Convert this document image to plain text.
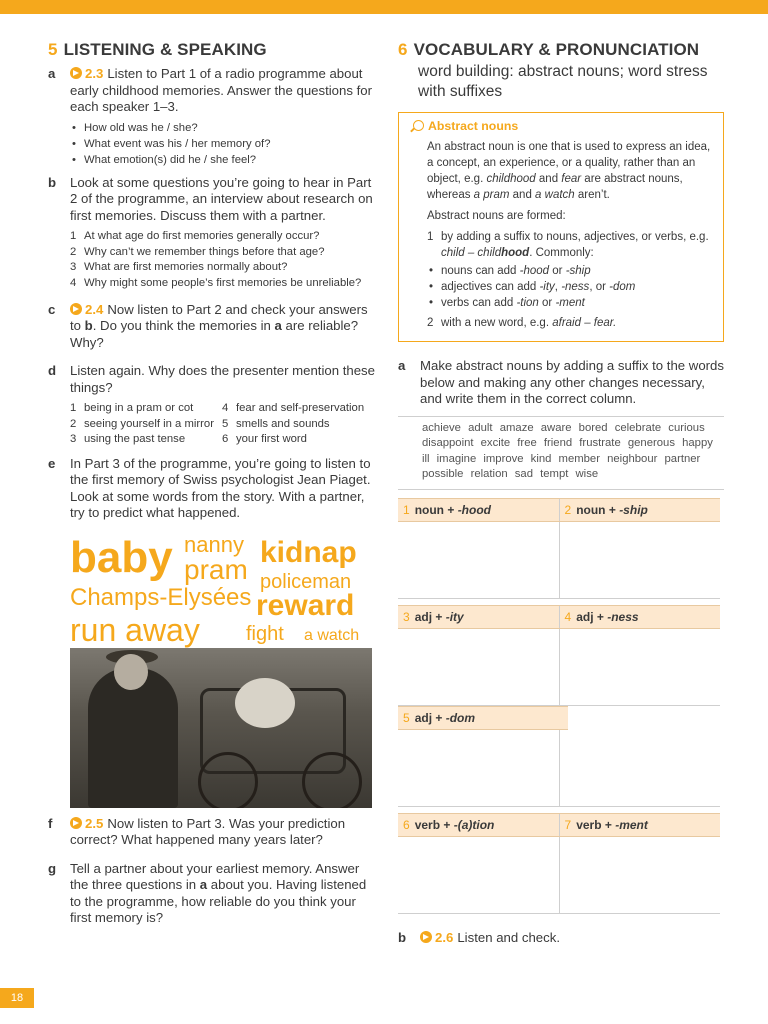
5 LISTENING & SPEAKING
a 2.3 Listen to Part 1 of a radio programme about early childhood memories. Answer the questions for each speaker 1–3.
• How old was he / she?
• What event was his / her memory of?
• What emotion(s) did he / she feel?
b Look at some questions you’re going to hear in Part 2 of the programme, an interview about research on first memories. Discuss them with a partner.
1 At what age do first memories generally occur?
2 Why can’t we remember things before that age?
3 What are first memories normally about?
4 Why might some people’s first memories be unreliable?
c 2.4 Now listen to Part 2 and check your answers to b. Do you think the memories in a are reliable? Why?
d Listen again. Why does the presenter mention these things?
1 being in a pram or cot	4 fear and self-preservation
2 seeing yourself in a mirror 5 smells and sounds
3 using the past tense	6 your first word
e In Part 3 of the programme, you’re going to listen to the first memory of Swiss psychologist Jean Piaget. Look at some words from the story. With a partner, try to predict what happened.
baby nanny kidnap
pram policeman
Champs-Elysées reward
run away fight a watch
f 2.5 Now listen to Part 3. Was your prediction correct? What happened many years later?
g Tell a partner about your earliest memory. Answer the three questions in a about you. Having listened to the programme, how reliable do you think your first memory is?
6 VOCABULARY & PRONUNCIATION
word building: abstract nouns; word stress with suffixes
Abstract nouns

An abstract noun is one that is used to express an idea, a concept, an experience, or a quality, rather than an object, e.g. childhood and fear are abstract nouns, whereas a pram and a watch aren’t.

Abstract nouns are formed:

1 by adding a suffix to nouns, adjectives, or verbs, e.g. child – childhood. Commonly:
• nouns can add -hood or -ship
• adjectives can add -ity, -ness, or -dom
• verbs can add -tion or -ment
2 with a new word, e.g. afraid – fear.
a Make abstract nouns by adding a suffix to the words below and making any other changes necessary, and write them in the correct column.
achieve adult amaze aware bored celebrate curious disappoint excite free friend frustrate generous happy ill imagine improve kind member neighbour partner possible relation sad tempt wise
1 noun + -hood	2 noun + -ship
3 adj + -ity	4 adj + -ness
5 adj + -dom
6 verb + -(a)tion	7 verb + -ment
b 2.6 Listen and check.
18
